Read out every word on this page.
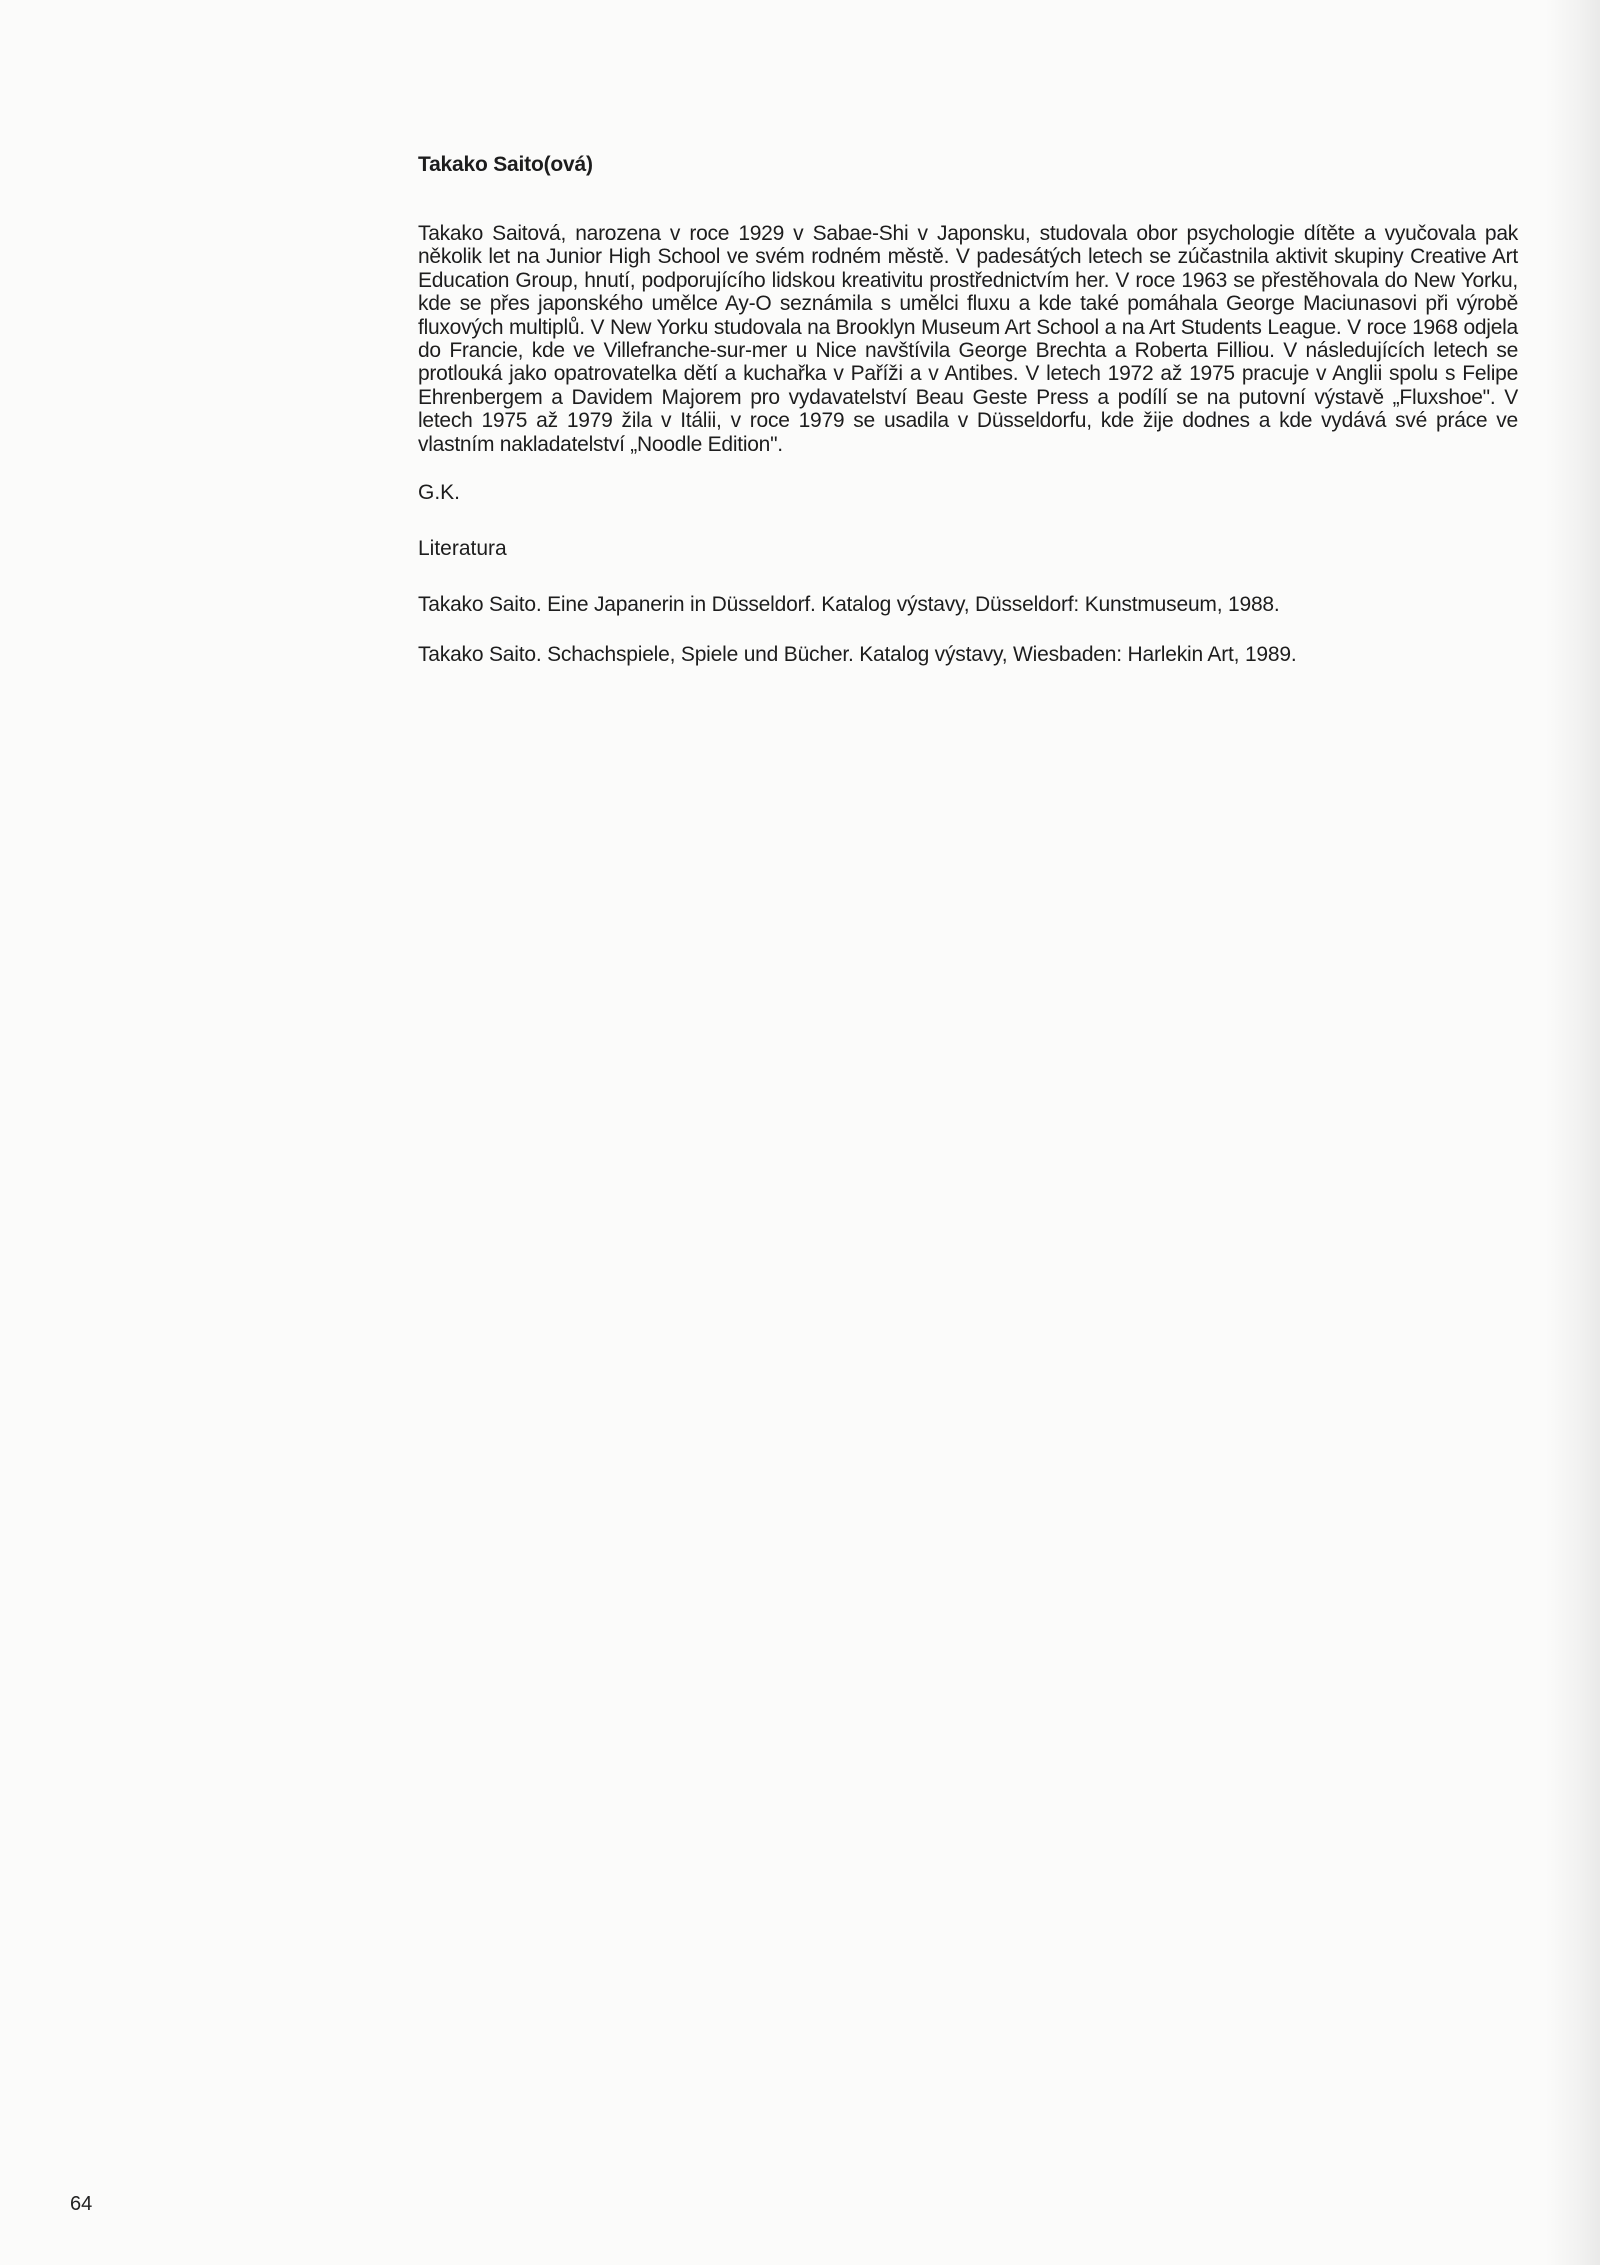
Takako Saito(ová)

Takako Saitová, narozena v roce 1929 v Sabae-Shi v Japonsku, studovala obor psychologie dítěte a vyučovala pak několik let na Junior High School ve svém rodném městě. V padesátých letech se zúčastnila aktivit skupiny Creative Art Education Group, hnutí, podporujícího lidskou kreativitu prostřednictvím her. V roce 1963 se přestěhovala do New Yorku, kde se přes japonského umělce Ay-O seznámila s umělci fluxu a kde také pomáhala George Maciunasovi při výrobě fluxových multiplů. V New Yorku studovala na Brooklyn Museum Art School a na Art Students League. V roce 1968 odjela do Francie, kde ve Villefranche-sur-mer u Nice navštívila George Brechta a Roberta Filliou. V následujících letech se protlouká jako opatrovatelka dětí a kuchařka v Paříži a v Antibes. V letech 1972 až 1975 pracuje v Anglii spolu s Felipe Ehrenbergem a Davidem Majorem pro vydavatelství Beau Geste Press a podílí se na putovní výstavě „Fluxshoe". V letech 1975 až 1979 žila v Itálii, v roce 1979 se usadila v Düsseldorfu, kde žije dodnes a kde vydává své práce ve vlastním nakladatelství „Noodle Edition".

G.K.

Literatura

Takako Saito. Eine Japanerin in Düsseldorf. Katalog výstavy, Düsseldorf: Kunstmuseum, 1988.
Takako Saito. Schachspiele, Spiele und Bücher. Katalog výstavy, Wiesbaden: Harlekin Art, 1989.
64
